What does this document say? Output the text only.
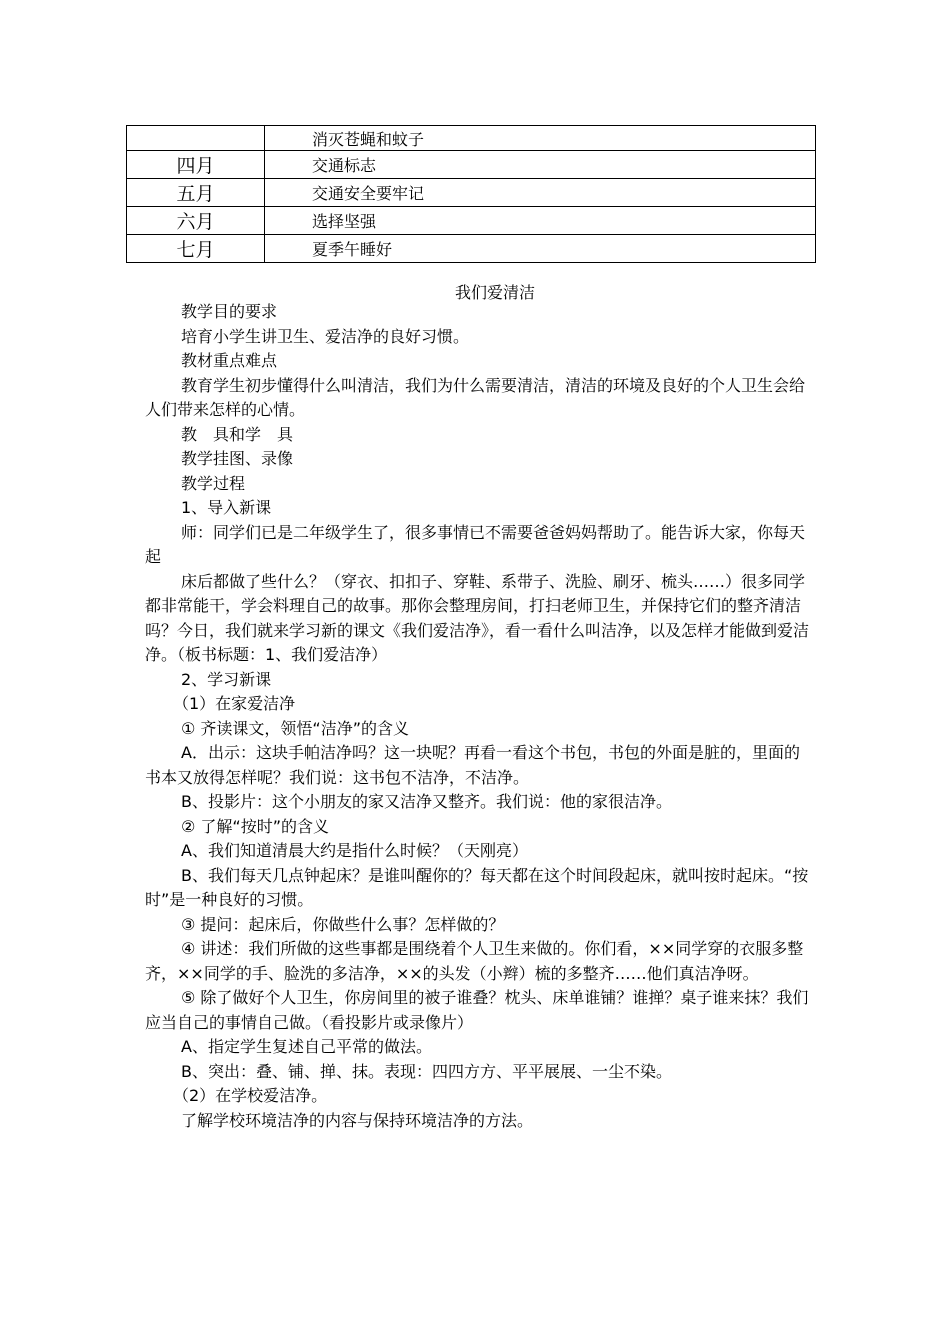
	消灭苍蝇和蚊子
四月	交通标志
五月	交通安全要牢记
六月	选择坚强
七月	夏季午睡好
我们爱清洁

教学目的要求

培育小学生讲卫生、爱洁净的良好习惯。

教材重点难点

教育学生初步懂得什么叫清洁，我们为什么需要清洁，清洁的环境及良好的个人卫生会给人们带来怎样的心情。

教　具和学　具

教学挂图、录像

教学过程

1、导入新课

师：同学们已是二年级学生了，很多事情已不需要爸爸妈妈帮助了。能告诉大家，你每天起

床后都做了些什么？（穿衣、扣扣子、穿鞋、系带子、洗脸、刷牙、梳头……）很多同学都非常能干，学会料理自己的故事。那你会整理房间，打扫老师卫生，并保持它们的整齐清洁吗？今日，我们就来学习新的课文《我们爱洁净》，看一看什么叫洁净，以及怎样才能做到爱洁净。（板书标题：1、我们爱洁净）

2、学习新课

（1）在家爱洁净

① 齐读课文，领悟“洁净”的含义

A．出示：这块手帕洁净吗？这一块呢？再看一看这个书包，书包的外面是脏的，里面的书本又放得怎样呢？我们说：这书包不洁净，不洁净。

B、投影片：这个小朋友的家又洁净又整齐。我们说：他的家很洁净。

② 了解“按时”的含义

A、我们知道清晨大约是指什么时候？（天刚亮）

B、我们每天几点钟起床？是谁叫醒你的？每天都在这个时间段起床，就叫按时起床。“按时”是一种良好的习惯。

③ 提问：起床后，你做些什么事？怎样做的？

④ 讲述：我们所做的这些事都是围绕着个人卫生来做的。你们看，××同学穿的衣服多整齐，××同学的手、脸洗的多洁净，××的头发（小辫）梳的多整齐……他们真洁净呀。

⑤ 除了做好个人卫生，你房间里的被子谁叠？枕头、床单谁铺？谁掸？桌子谁来抹？我们应当自己的事情自己做。（看投影片或录像片）

A、指定学生复述自己平常的做法。

B、突出：叠、铺、掸、抹。表现：四四方方、平平展展、一尘不染。

（2）在学校爱洁净。

了解学校环境洁净的内容与保持环境洁净的方法。
